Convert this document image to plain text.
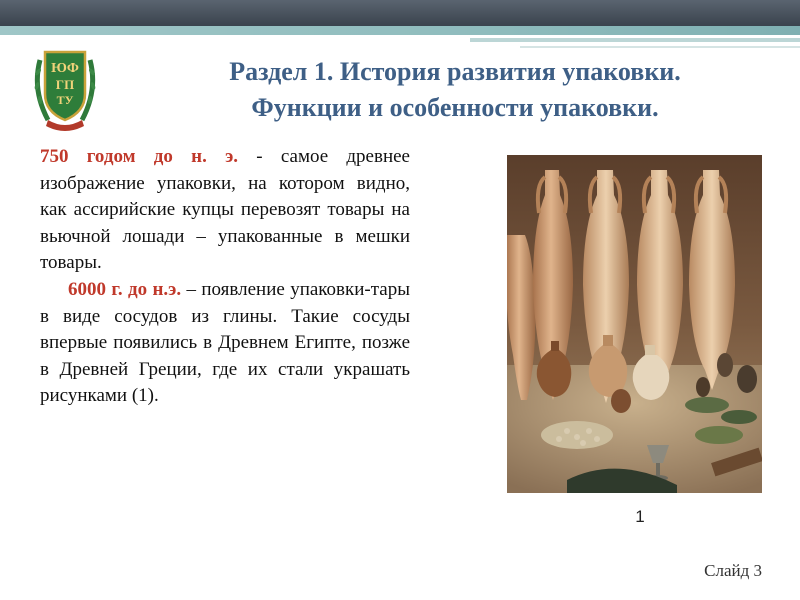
ЮФ
ГП
ТУ
Раздел 1. История развития упаковки.
Функции и особенности упаковки.

750 годом до н. э. - самое древнее изображение упаковки, на котором видно, как ассирийские купцы перевозят товары на вьючной лошади – упакованные в мешки товары.

6000 г. до н.э. – появление упаковки-тары в виде сосудов из глины. Такие сосуды впервые появились в Древнем Египте, позже в Древней Греции, где их стали украшать рисунками (1).

1
Слайд 3
